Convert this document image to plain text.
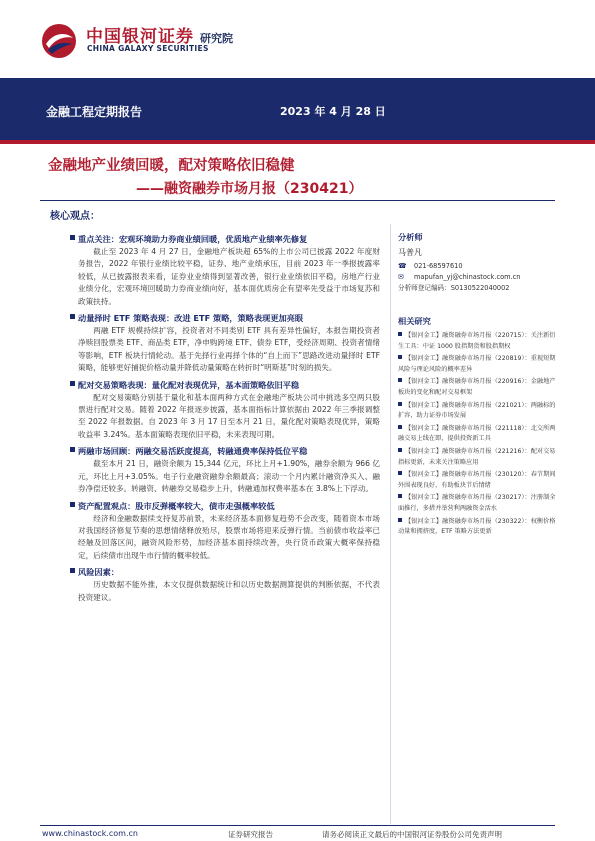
中国银河证券
CHINA GALAXY SECURITIES
研究院
金融工程定期报告	2023 年 4 月 28 日
金融地产业绩回暖，配对策略依旧稳健
——融资融券市场月报（230421）
核心观点：
重点关注：宏观环境助力券商业绩回暖，优质地产业绩率先修复
截止至 2023 年 4 月 27 日，金融地产板块超 65%的上市公司已披露 2022 年度财务报告，2022 年银行业绩比较平稳，证券、地产业绩承压，目前 2023 年一季报披露率较低，从已披露报表来看，证券业业绩得到显著改善，银行业业绩依旧平稳，房地产行业业绩分化，宏观环境回暖助力券商业绩向好，基本面优质房企有望率先受益于市场复苏和政策扶持。
动量择时 ETF 策略表现：改进 ETF 策略，策略表现更加亮眼
两融 ETF 规模持续扩容，投资者对不同类别 ETF 具有差异性偏好，本报告期投资者净赎回股票类 ETF、商品类 ETF，净申购跨境 ETF、债券 ETF，受经济周期、投资者情绪等影响，ETF 板块行情轮动。基于先择行业再择个体的“自上而下”思路改进动量择时 ETF 策略，能够更好捕捉价格动量并降低动量策略在转折时“明斯基”时刻的损失。
配对交易策略表现：量化配对表现优异，基本面策略依旧平稳
配对交易策略分别基于量化和基本面两种方式在金融地产板块公司中挑选多空两只股票进行配对交易。随着 2022 年报逐步披露，基本面指标计算依据由 2022 年三季报调整至 2022 年报数据。自 2023 年 3 月 17 日至本月 21 日，量化配对策略表现优异，策略收益率 3.24%。基本面策略表现依旧平稳，未来表现可期。
两融市场回顾：两融交易活跃度提高，转融通费率保持低位平稳
截至本月 21 日，融资余额为 15,344 亿元，环比上月+1.90%，融券余额为 966 亿元，环比上月+3.05%。电子行业融资融券余额最高；滚动一个月内累计融资净买入、融券净偿还较多。转融资、转融券交易稳步上升，转融通加权费率基本在 3.8%上下浮动。
资产配置观点：股市反弹概率较大，债市走强概率较低
经济和金融数据续支持复苏前景，未来经济基本面修复趋势不会改变，随着资本市场对我国经济修复节奏的思想情绪释放殆尽，股票市场将迎来反弹行情。当前债市收益率已经触及回落区间，融资风险形势，加经济基本面持续改善，央行货币政策大概率保持稳定，后续债市出现牛市行情的概率较低。
风险因素：
历史数据不能外推，本文仅提供数据统计和以历史数据测算提供的判断依据，不代表投资建议。
分析师
马普凡
☎ 021-68597610
✉	mapufan_yj@chinastock.com.cn
分析师登记编码：S0130522040002
相关研究
【银河金工】融资融券市场月报（220715）：关注新衍生工具：中证 1000 股指期货和股指期权
【银河金工】融资融券市场月报（220819）：重视短期风险与理论风险的概率差异
【银河金工】融资融券市场月报（220916）：金融地产板块的变化和配对交易框架
【银河金工】融资融券市场月报（221021）：两融标的扩容，助力证券市场发展
【银河金工】融资融券市场月报（221118）：北交所两融交易上线在即，提供投资新工具
【银河金工】融资融券市场月报（221216）：配对交易指标更新，未来关注策略应用
【银河金工】融资融券市场月报（230120）：春节期间外围表现良好，有助板块节后情绪
【银河金工】融资融券市场月报（230217）：注册制全面推行，多措并举营利两融资金活水
【银河金工】融资融券市场月报（230322）：权衡价格动量和拥挤度，ETF 策略方法更新
www.chinastock.com.cn	证券研究报告	请务必阅读正文最后的中国银河证券股份公司免责声明
